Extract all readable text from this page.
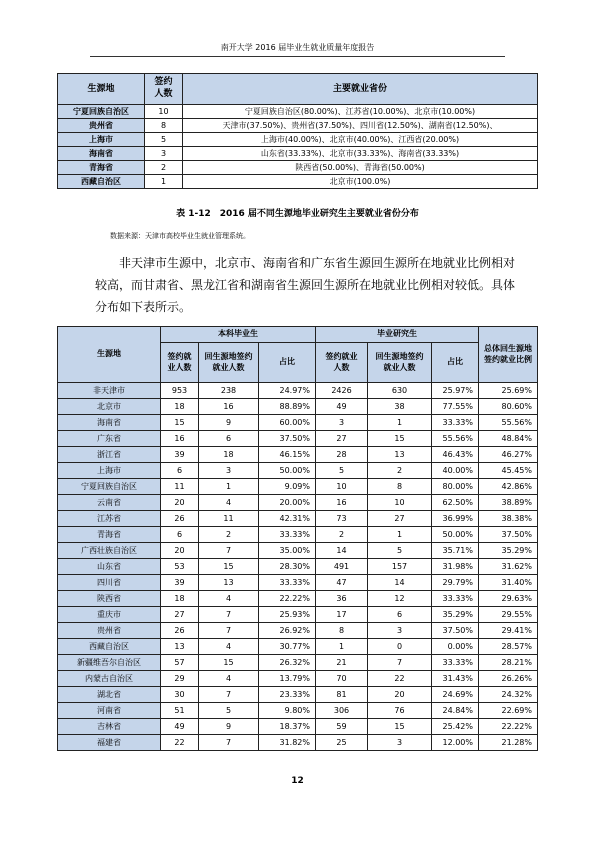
南开大学 2016 届毕业生就业质量年度报告
生源地	签约人数	主要就业省份
宁夏回族自治区	10	宁夏回族自治区(80.00%)、江苏省(10.00%)、北京市(10.00%)
贵州省	8	天津市(37.50%)、贵州省(37.50%)、四川省(12.50%)、湖南省(12.50%)、
上海市	5	上海市(40.00%)、北京市(40.00%)、江西省(20.00%)
海南省	3	山东省(33.33%)、北京市(33.33%)、海南省(33.33%)
青海省	2	陕西省(50.00%)、青海省(50.00%)
西藏自治区	1	北京市(100.0%)
表 1-12　2016 届不同生源地毕业研究生主要就业省份分布
数据来源：天津市高校毕业生就业管理系统。

非天津市生源中，北京市、海南省和广东省生源回生源所在地就业比例相对

较高，而甘肃省、黑龙江省和湖南省生源回生源所在地就业比例相对较低。具体

分布如下表所示。

生源地	本科毕业生			毕业研究生			总体回生源地签约就业比例
	签约就业人数	回生源地签约就业人数	占比	签约就业人数	回生源地签约就业人数	占比	
非天津市	953	238	24.97%	2426	630	25.97%	25.69%
北京市	18	16	88.89%	49	38	77.55%	80.60%
海南省	15	9	60.00%	3	1	33.33%	55.56%
广东省	16	6	37.50%	27	15	55.56%	48.84%
浙江省	39	18	46.15%	28	13	46.43%	46.27%
上海市	6	3	50.00%	5	2	40.00%	45.45%
宁夏回族自治区	11	1	9.09%	10	8	80.00%	42.86%
云南省	20	4	20.00%	16	10	62.50%	38.89%
江苏省	26	11	42.31%	73	27	36.99%	38.38%
青海省	6	2	33.33%	2	1	50.00%	37.50%
广西壮族自治区	20	7	35.00%	14	5	35.71%	35.29%
山东省	53	15	28.30%	491	157	31.98%	31.62%
四川省	39	13	33.33%	47	14	29.79%	31.40%
陕西省	18	4	22.22%	36	12	33.33%	29.63%
重庆市	27	7	25.93%	17	6	35.29%	29.55%
贵州省	26	7	26.92%	8	3	37.50%	29.41%
西藏自治区	13	4	30.77%	1	0	0.00%	28.57%
新疆维吾尔自治区	57	15	26.32%	21	7	33.33%	28.21%
内蒙古自治区	29	4	13.79%	70	22	31.43%	26.26%
湖北省	30	7	23.33%	81	20	24.69%	24.32%
河南省	51	5	9.80%	306	76	24.84%	22.69%
吉林省	49	9	18.37%	59	15	25.42%	22.22%
福建省	22	7	31.82%	25	3	12.00%	21.28%
12
